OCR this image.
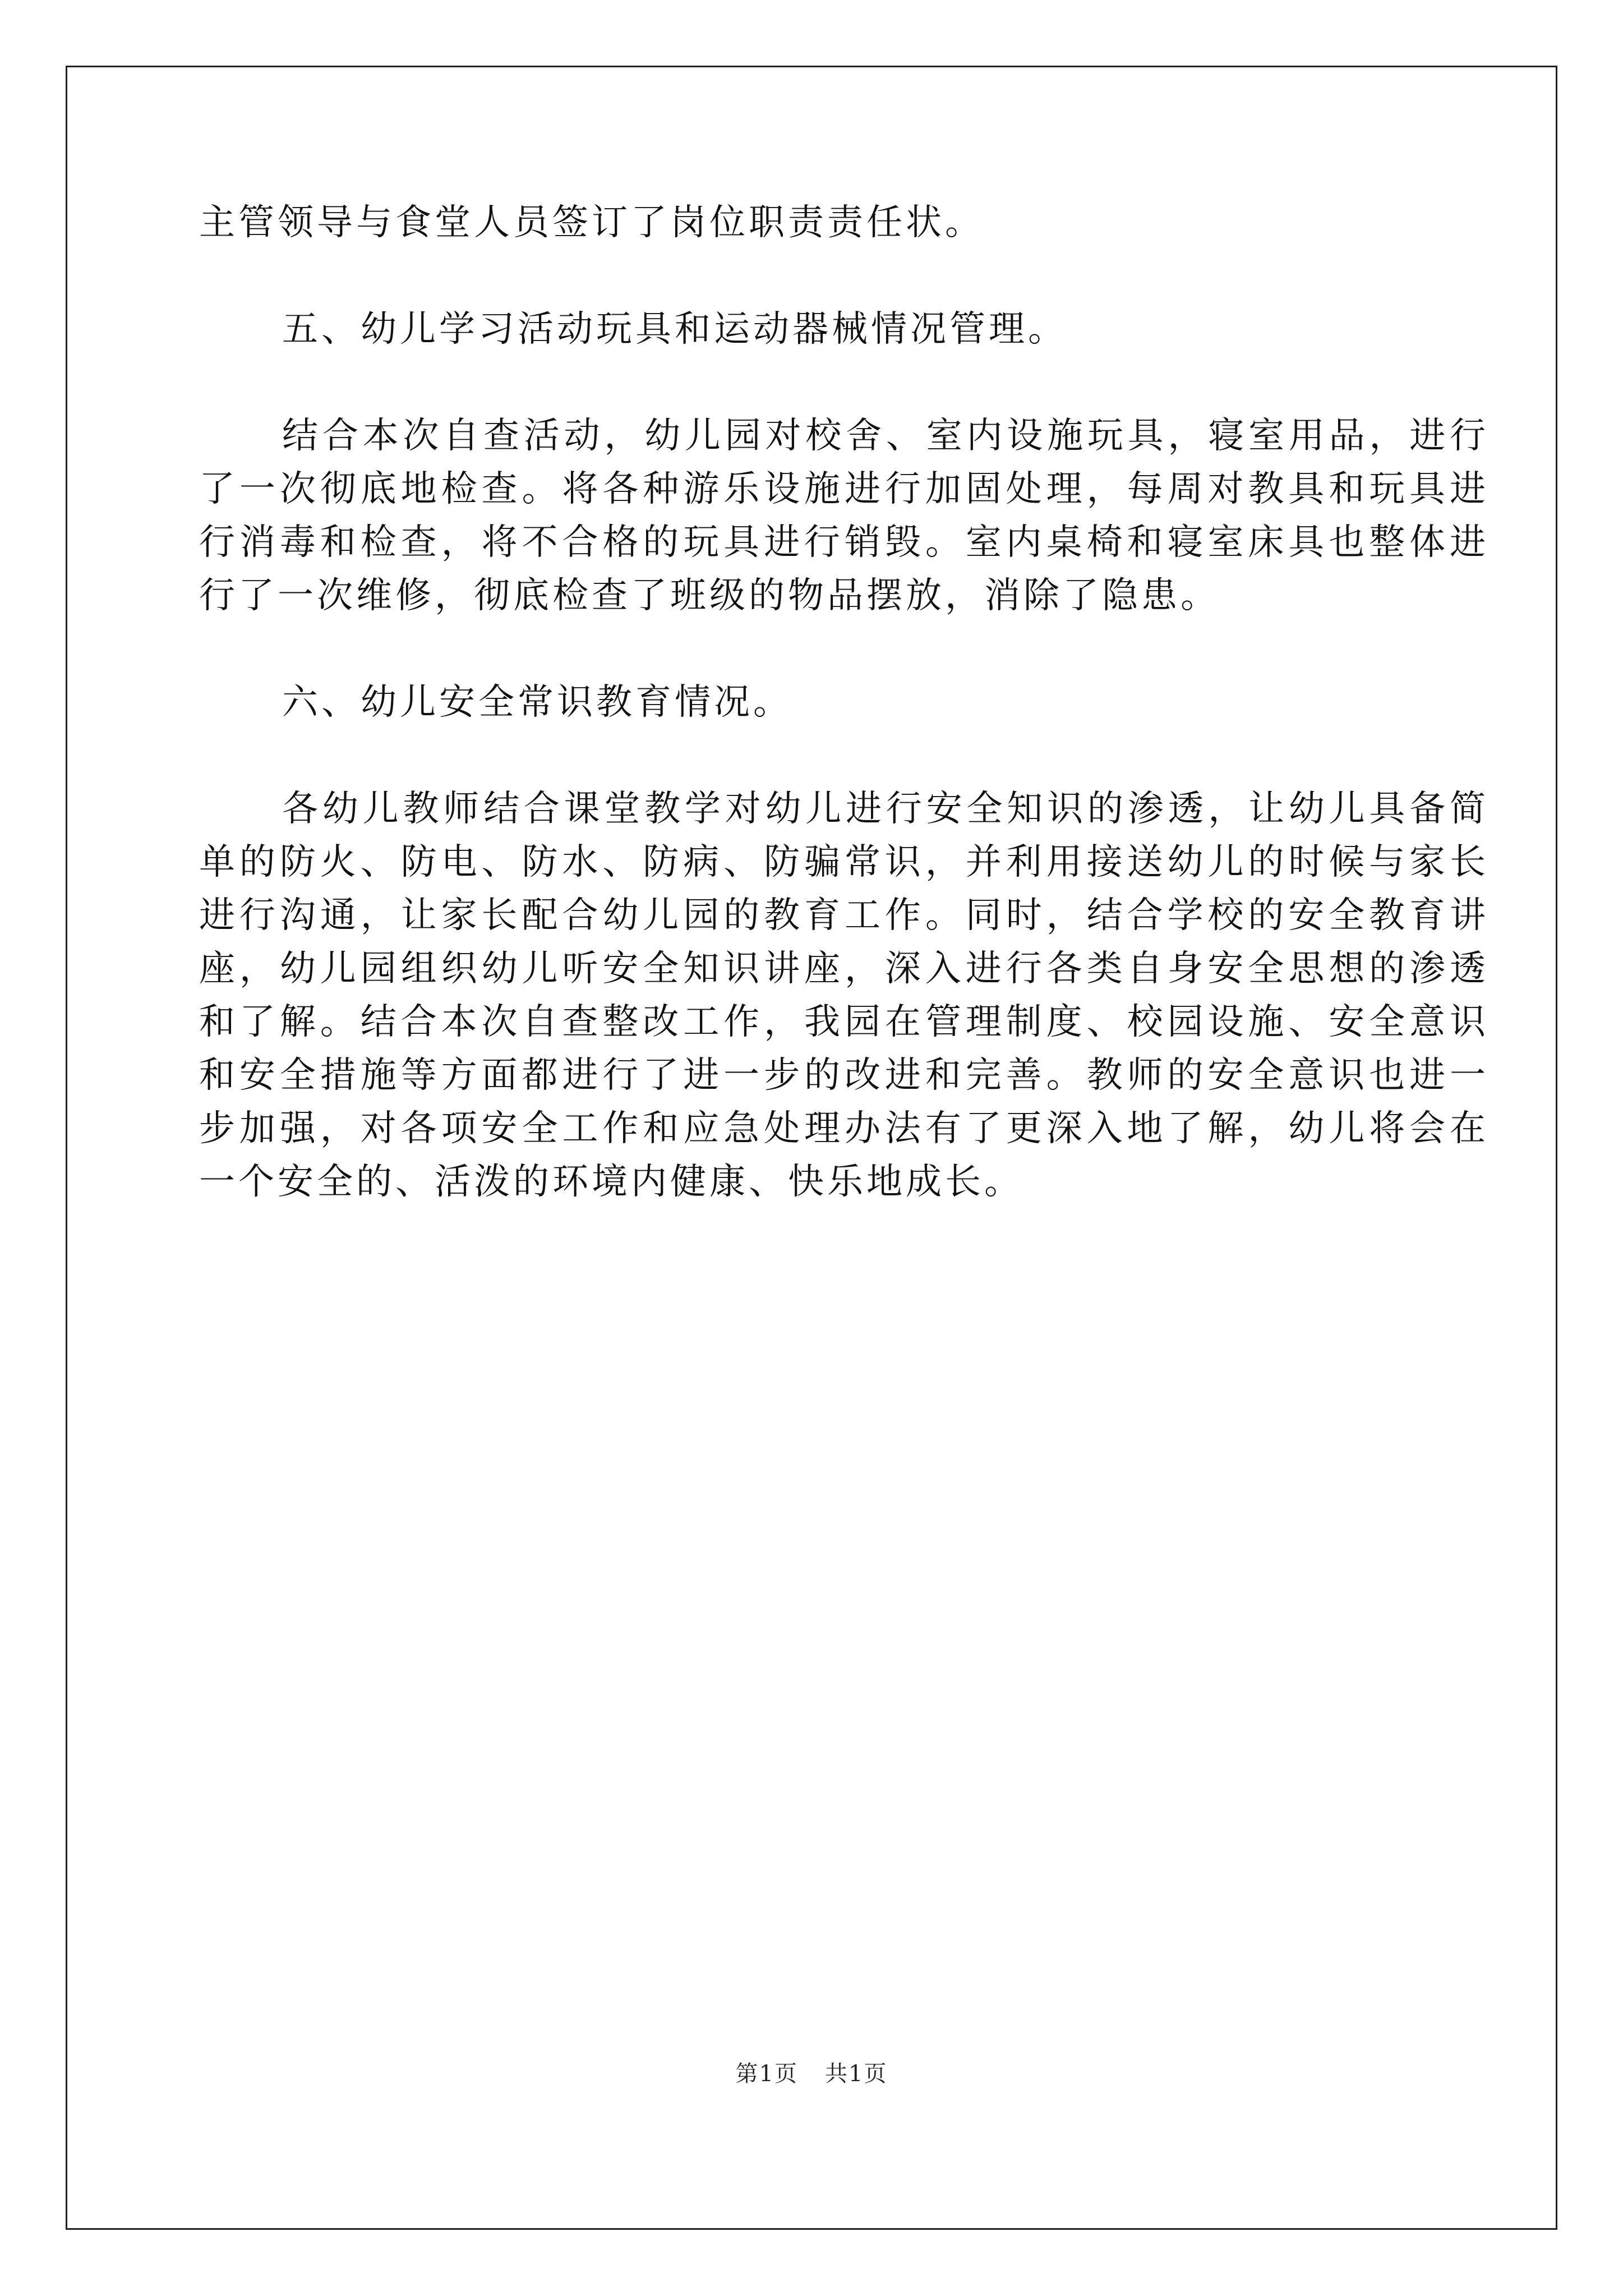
主管领导与食堂人员签订了岗位职责责任状。

五、幼儿学习活动玩具和运动器械情况管理。

结合本次自查活动，幼儿园对校舍、室内设施玩具，寝室用品，进行了一次彻底地检查。将各种游乐设施进行加固处理，每周对教具和玩具进行消毒和检查，将不合格的玩具进行销毁。室内桌椅和寝室床具也整体进行了一次维修，彻底检查了班级的物品摆放，消除了隐患。

六、幼儿安全常识教育情况。

各幼儿教师结合课堂教学对幼儿进行安全知识的渗透，让幼儿具备简单的防火、防电、防水、防病、防骗常识，并利用接送幼儿的时候与家长进行沟通，让家长配合幼儿园的教育工作。同时，结合学校的安全教育讲座，幼儿园组织幼儿听安全知识讲座，深入进行各类自身安全思想的渗透和了解。结合本次自查整改工作，我园在管理制度、校园设施、安全意识和安全措施等方面都进行了进一步的改进和完善。教师的安全意识也进一步加强，对各项安全工作和应急处理办法有了更深入地了解，幼儿将会在一个安全的、活泼的环境内健康、快乐地成长。

第1页 共1页
